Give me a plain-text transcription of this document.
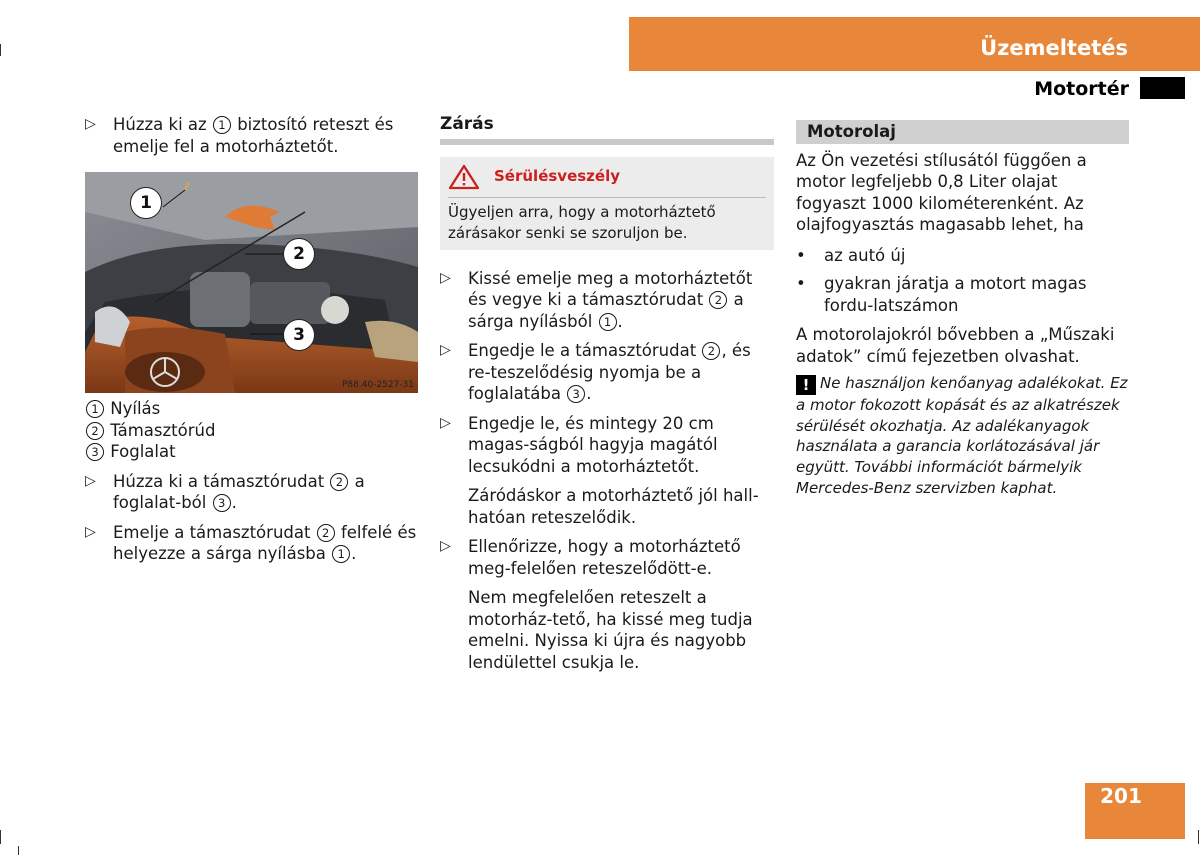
Üzemeltetés
Motortér
▷ Húzza ki az 1 biztosító reteszt és emelje fel a motorháztetőt.

1
2
3
P88.40-2527-31

1 Nyílás

2 Támasztórúd

3 Foglalat

▷ Húzza ki a támasztórudat 2 a foglalat-ból 3 .

▷ Emelje a támasztórudat 2 felfelé és helyezze a sárga nyílásba 1 .

Zárás
Sérülésveszély
Ügyeljen arra, hogy a motorháztető zárásakor senki se szoruljon be.
▷ Kissé emelje meg a motorháztetőt és vegye ki a támasztórudat 2 a sárga nyílásból 1 .

▷ Engedje le a támasztórudat 2 , és re-teszelődésig nyomja be a foglalatába 3 .

▷ Engedje le, és mintegy 20 cm magas-ságból hagyja magától lecsukódni a motorháztetőt.

Záródáskor a motorháztető jól hall-hatóan reteszelődik.

▷ Ellenőrizze, hogy a motorháztető meg-felelően reteszelődött-e.

Nem megfelelően reteszelt a motorház-tető, ha kissé meg tudja emelni. Nyissa ki újra és nagyobb lendülettel csukja le.

Motorolaj

Az Ön vezetési stílusától függően a motor legfeljebb 0,8 Liter olajat fogyaszt 1000 kilométerenként. Az olajfogyasztás magasabb lehet, ha

• az autó új
• gyakran járatja a motort magas fordu-latszámon

A motorolajokról bővebben a „Műszaki adatok” című fejezetben olvashat.

! Ne használjon kenőanyag adalékokat. Ez a motor fokozott kopását és az alkatrészek sérülését okozhatja. Az adalékanyagok használata a garancia korlátozásával jár együtt. További információt bármelyik Mercedes-Benz szervizben kaphat.

201
